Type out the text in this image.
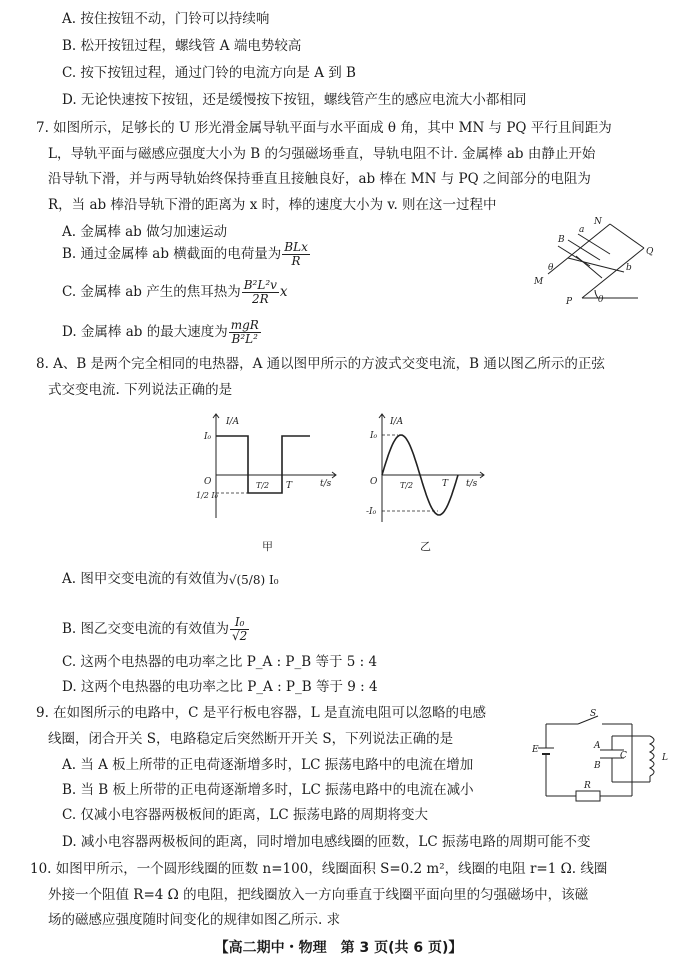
A. 按住按钮不动，门铃可以持续响
B. 松开按钮过程，螺线管 A 端电势较高
C. 按下按钮过程，通过门铃的电流方向是 A 到 B
D. 无论快速按下按钮，还是缓慢按下按钮，螺线管产生的感应电流大小都相同
7. 如图所示，足够长的 U 形光滑金属导轨平面与水平面成 θ 角，其中 MN 与 PQ 平行且间距为
L，导轨平面与磁感应强度大小为 B 的匀强磁场垂直，导轨电阻不计. 金属棒 ab 由静止开始
沿导轨下滑，并与两导轨始终保持垂直且接触良好，ab 棒在 MN 与 PQ 之间部分的电阻为
R，当 ab 棒沿导轨下滑的距离为 x 时，棒的速度大小为 v. 则在这一过程中
A. 金属棒 ab 做匀加速运动
B. 通过金属棒 ab 横截面的电荷量为 $\frac{\text{BLx}}{R}$
C. 金属棒 ab 产生的焦耳热为 $\frac{\text{B²L²v}}{2R}$ x
D. 金属棒 ab 的最大速度为 $\frac{\text{mgR}}{\text{B²L²}}$
B
N
a
Q
b
M
P	θ
θ
8. A、B 是两个完全相同的电热器，A 通以图甲所示的方波式交变电流，B 通以图乙所示的正弦
式交变电流. 下列说法正确的是
I/A
t/s
I₀
O
1/2 I₀
T/2 T
甲
I/A
t/s
I₀
O
-I₀
T/2	T
乙
A. 图甲交变电流的有效值为√(5/8) I₀
B. 图乙交变电流的有效值为 $\frac{\text{I₀}}{√2}$
C. 这两个电热器的电功率之比 P_A : P_B 等于 5 : 4
D. 这两个电热器的电功率之比 P_A : P_B 等于 9 : 4
9. 在如图所示的电路中，C 是平行板电容器，L 是直流电阻可以忽略的电感
线圈，闭合开关 S，电路稳定后突然断开开关 S，下列说法正确的是
A. 当 A 板上所带的正电荷逐渐增多时，LC 振荡电路中的电流在增加
B. 当 B 板上所带的正电荷逐渐增多时，LC 振荡电路中的电流在减小
C. 仅减小电容器两极板间的距离，LC 振荡电路的周期将变大
D. 减小电容器两极板间的距离，同时增加电感线圈的匝数，LC 振荡电路的周期可能不变
S
E	A
B
C	L
R
10. 如图甲所示，一个圆形线圈的匝数 n=100，线圈面积 S=0.2 m²，线圈的电阻 r=1 Ω. 线圈
外接一个阻值 R=4 Ω 的电阻，把线圈放入一方向垂直于线圈平面向里的匀强磁场中，该磁
场的磁感应强度随时间变化的规律如图乙所示. 求
【高二期中・物理　第 3 页(共 6 页)】
